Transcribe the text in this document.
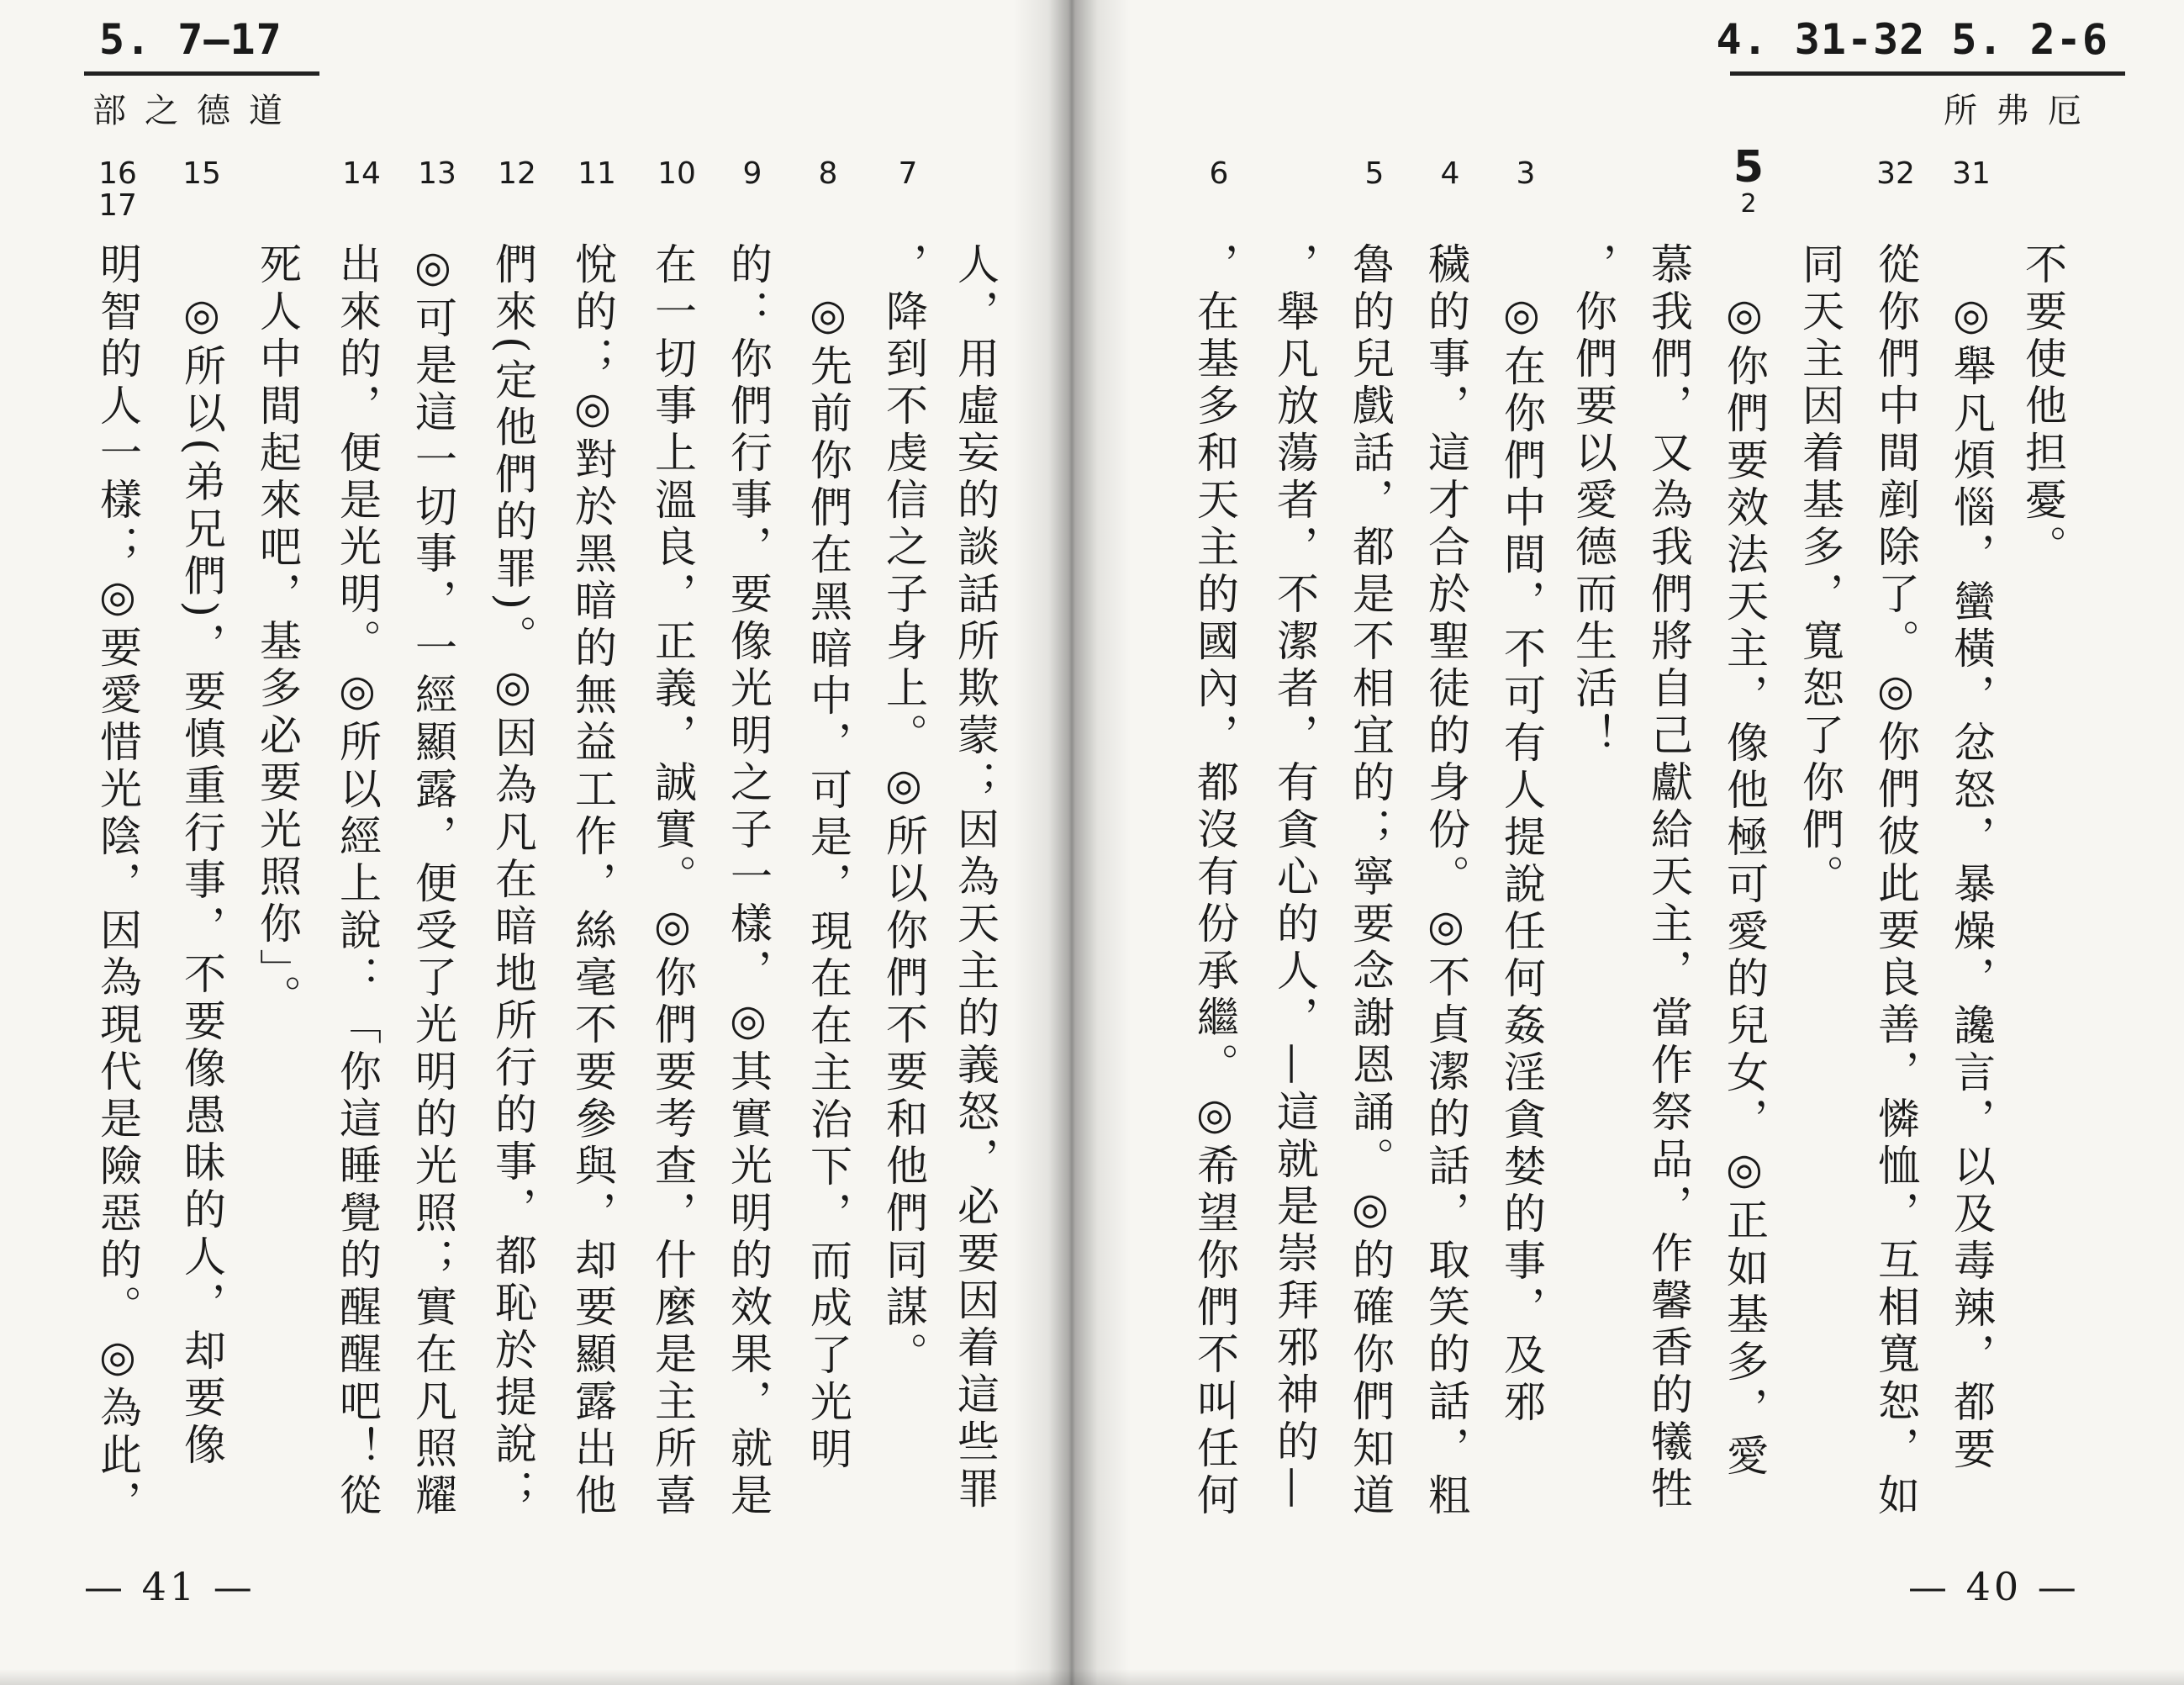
5. 7—17
部之德道
16
17
明智的人一樣；◎要愛惜光陰，因為現代是險惡的。◎為此，
15
◎所以(弟兄們)，要慎重行事，不要像愚昧的人，却要像 死人中間起來吧，基多必要光照你」。
14
出來的，便是光明。◎所以經上說：「你這睡覺的醒醒吧！從
13
◎可是這一切事，一經顯露，便受了光明的光照；實在凡照耀
12
們來(定他們的罪)。◎因為凡在暗地所行的事，都恥於提說；
11
悅的；◎對於黑暗的無益工作，絲毫不要參與，却要顯露出他
10
在一切事上溫良，正義，誠實。◎你們要考查，什麼是主所喜
9
的：你們行事，要像光明之子一樣，◎其實光明的效果，就是
8
◎先前你們在黑暗中，可是，現在在主治下，而成了光明
7
，降到不虔信之子身上。◎所以你們不要和他們同謀。 人，用虛妄的談話所欺蒙；因為天主的義怒，必要因着這些罪
— 41 —
4. 31-32 5. 2-6
所弗厄
6
，在基多和天主的國內，都沒有份承繼。◎希望你們不叫任何
5
魯的兒戲話，都是不相宜的；寧要念謝恩誦。◎的確你們知道
，舉凡放蕩者，不潔者，有貪心的人，—這就是崇拜邪神的—
4
穢的事，這才合於聖徒的身份。◎不貞潔的話，取笑的話，粗
3
◎在你們中間，不可有人提說任何姦淫貪婪的事，及邪 ，你們要以愛德而生活！ 慕我們，又為我們將自己獻給天主，當作祭品，作馨香的犧牲
5
2
◎你們要效法天主，像他極可愛的兒女，◎正如基多，愛 同天主因着基多，寬恕了你們。
32
從你們中間剷除了。◎你們彼此要良善，憐恤，互相寬恕，如
31
◎舉凡煩惱，蠻橫，忿怒，暴燥，讒言，以及毒辣，都要 不要使他担憂。
— 40 —
